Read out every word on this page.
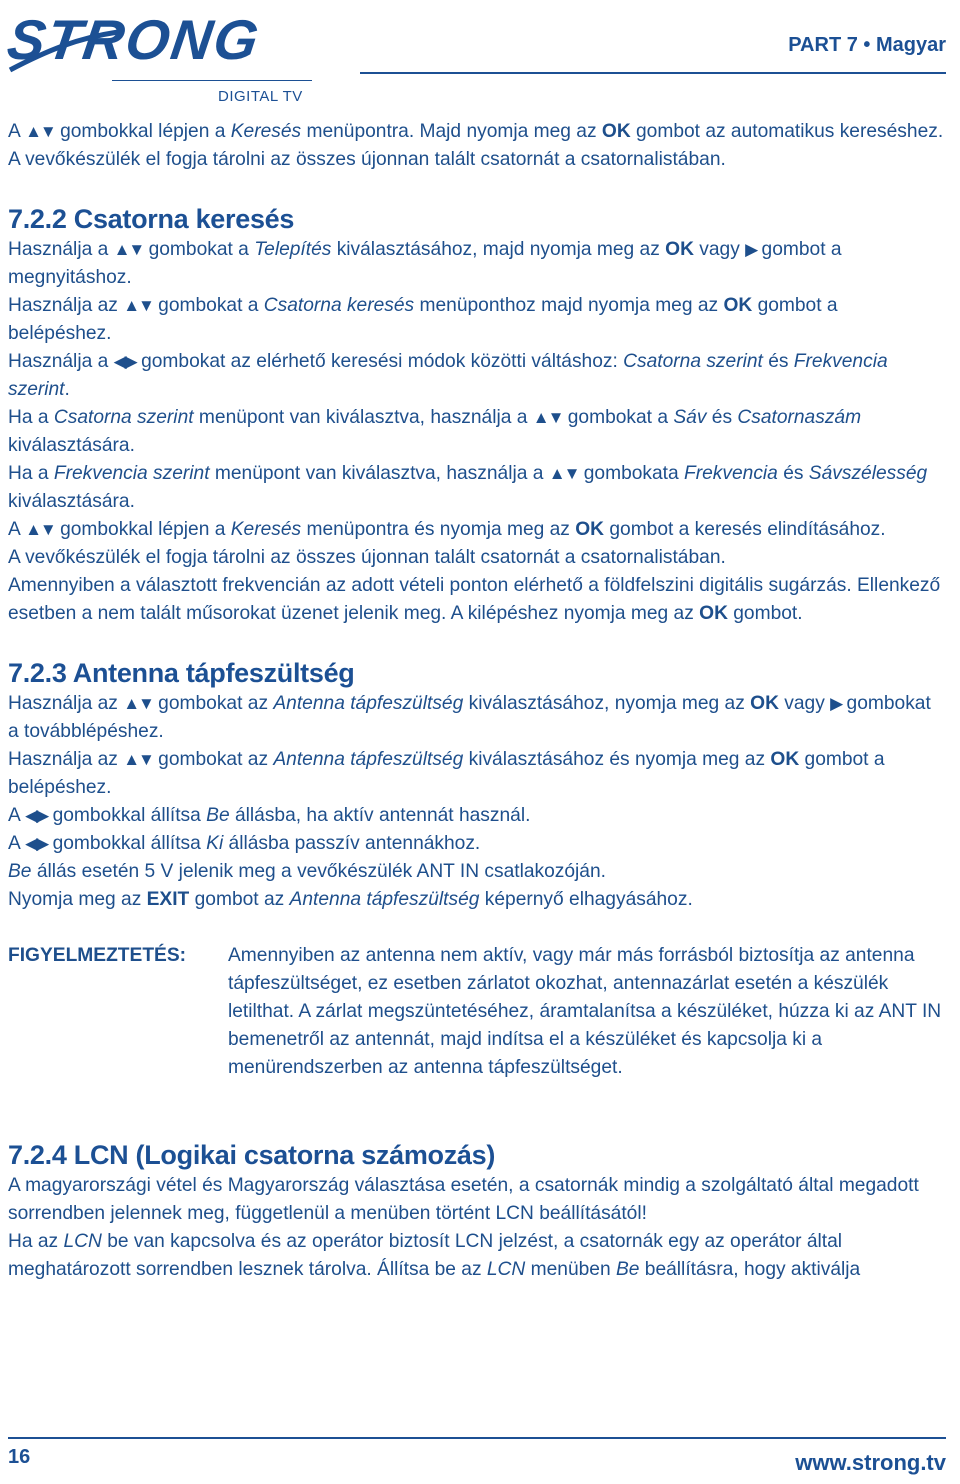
STRONG
DIGITAL TV
PART 7 • Magyar

A ▲▼ gombokkal lépjen a Keresés menüpontra. Majd nyomja meg az OK gombot az automatikus kereséshez.

A vevőkészülék el fogja tárolni az összes újonnan talált csatornát a csatornalistában.

7.2.2 Csatorna keresés

Használja a ▲▼ gombokat a Telepítés kiválasztásához, majd nyomja meg az OK vagy ▶ gombot a megnyitáshoz.

Használja az ▲▼ gombokat a Csatorna keresés menüponthoz majd nyomja meg az OK gombot a belépéshez.

Használja a ◀▶ gombokat az elérhető keresési módok közötti váltáshoz: Csatorna szerint és Frekvencia szerint.

Ha a Csatorna szerint menüpont van kiválasztva, használja a ▲▼ gombokat a Sáv és Csatornaszám kiválasztására.

Ha a Frekvencia szerint menüpont van kiválasztva, használja a ▲▼ gombokata Frekvencia és Sávszélesség kiválasztására.

A ▲▼ gombokkal lépjen a Keresés menüpontra és nyomja meg az OK gombot a keresés elindításához.

A vevőkészülék el fogja tárolni az összes újonnan talált csatornát a csatornalistában.

Amennyiben a választott frekvencián az adott vételi ponton elérhető a földfelszini digitális sugárzás. Ellenkező esetben a nem talált műsorokat üzenet jelenik meg. A kilépéshez nyomja meg az OK gombot.

7.2.3 Antenna tápfeszültség

Használja az ▲▼ gombokat az Antenna tápfeszültség kiválasztásához, nyomja meg az OK vagy ▶ gombokat a továbblépéshez.

Használja az ▲▼ gombokat az Antenna tápfeszültség kiválasztásához és nyomja meg az OK gombot a belépéshez.

A ◀▶ gombokkal állítsa Be állásba, ha aktív antennát használ.

A ◀▶ gombokkal állítsa Ki állásba passzív antennákhoz.

Be állás esetén 5 V jelenik meg a vevőkészülék ANT IN csatlakozóján.

Nyomja meg az EXIT gombot az Antenna tápfeszültség képernyő elhagyásához.

FIGYELMEZTETÉS:	Amennyiben az antenna nem aktív, vagy már más forrásból biztosítja az antenna tápfeszültséget, ez esetben zárlatot okozhat, antennazárlat esetén a készülék letilthat. A zárlat megszüntetéséhez, áramtalanítsa a készüléket, húzza ki az ANT IN bemenetről az antennát, majd indítsa el a készüléket és kapcsolja ki a menürendszerben az antenna tápfeszültséget.
7.2.4 LCN (Logikai csatorna számozás)

A magyarországi vétel és Magyarország választása esetén, a csatornák mindig a szolgáltató által megadott sorrendben jelennek meg, függetlenül a menüben történt LCN beállításától!

Ha az LCN be van kapcsolva és az operátor biztosít LCN jelzést, a csatornák egy az operátor által meghatározott sorrendben lesznek tárolva. Állítsa be az LCN menüben Be beállításra, hogy aktiválja

16	www.strong.tv
